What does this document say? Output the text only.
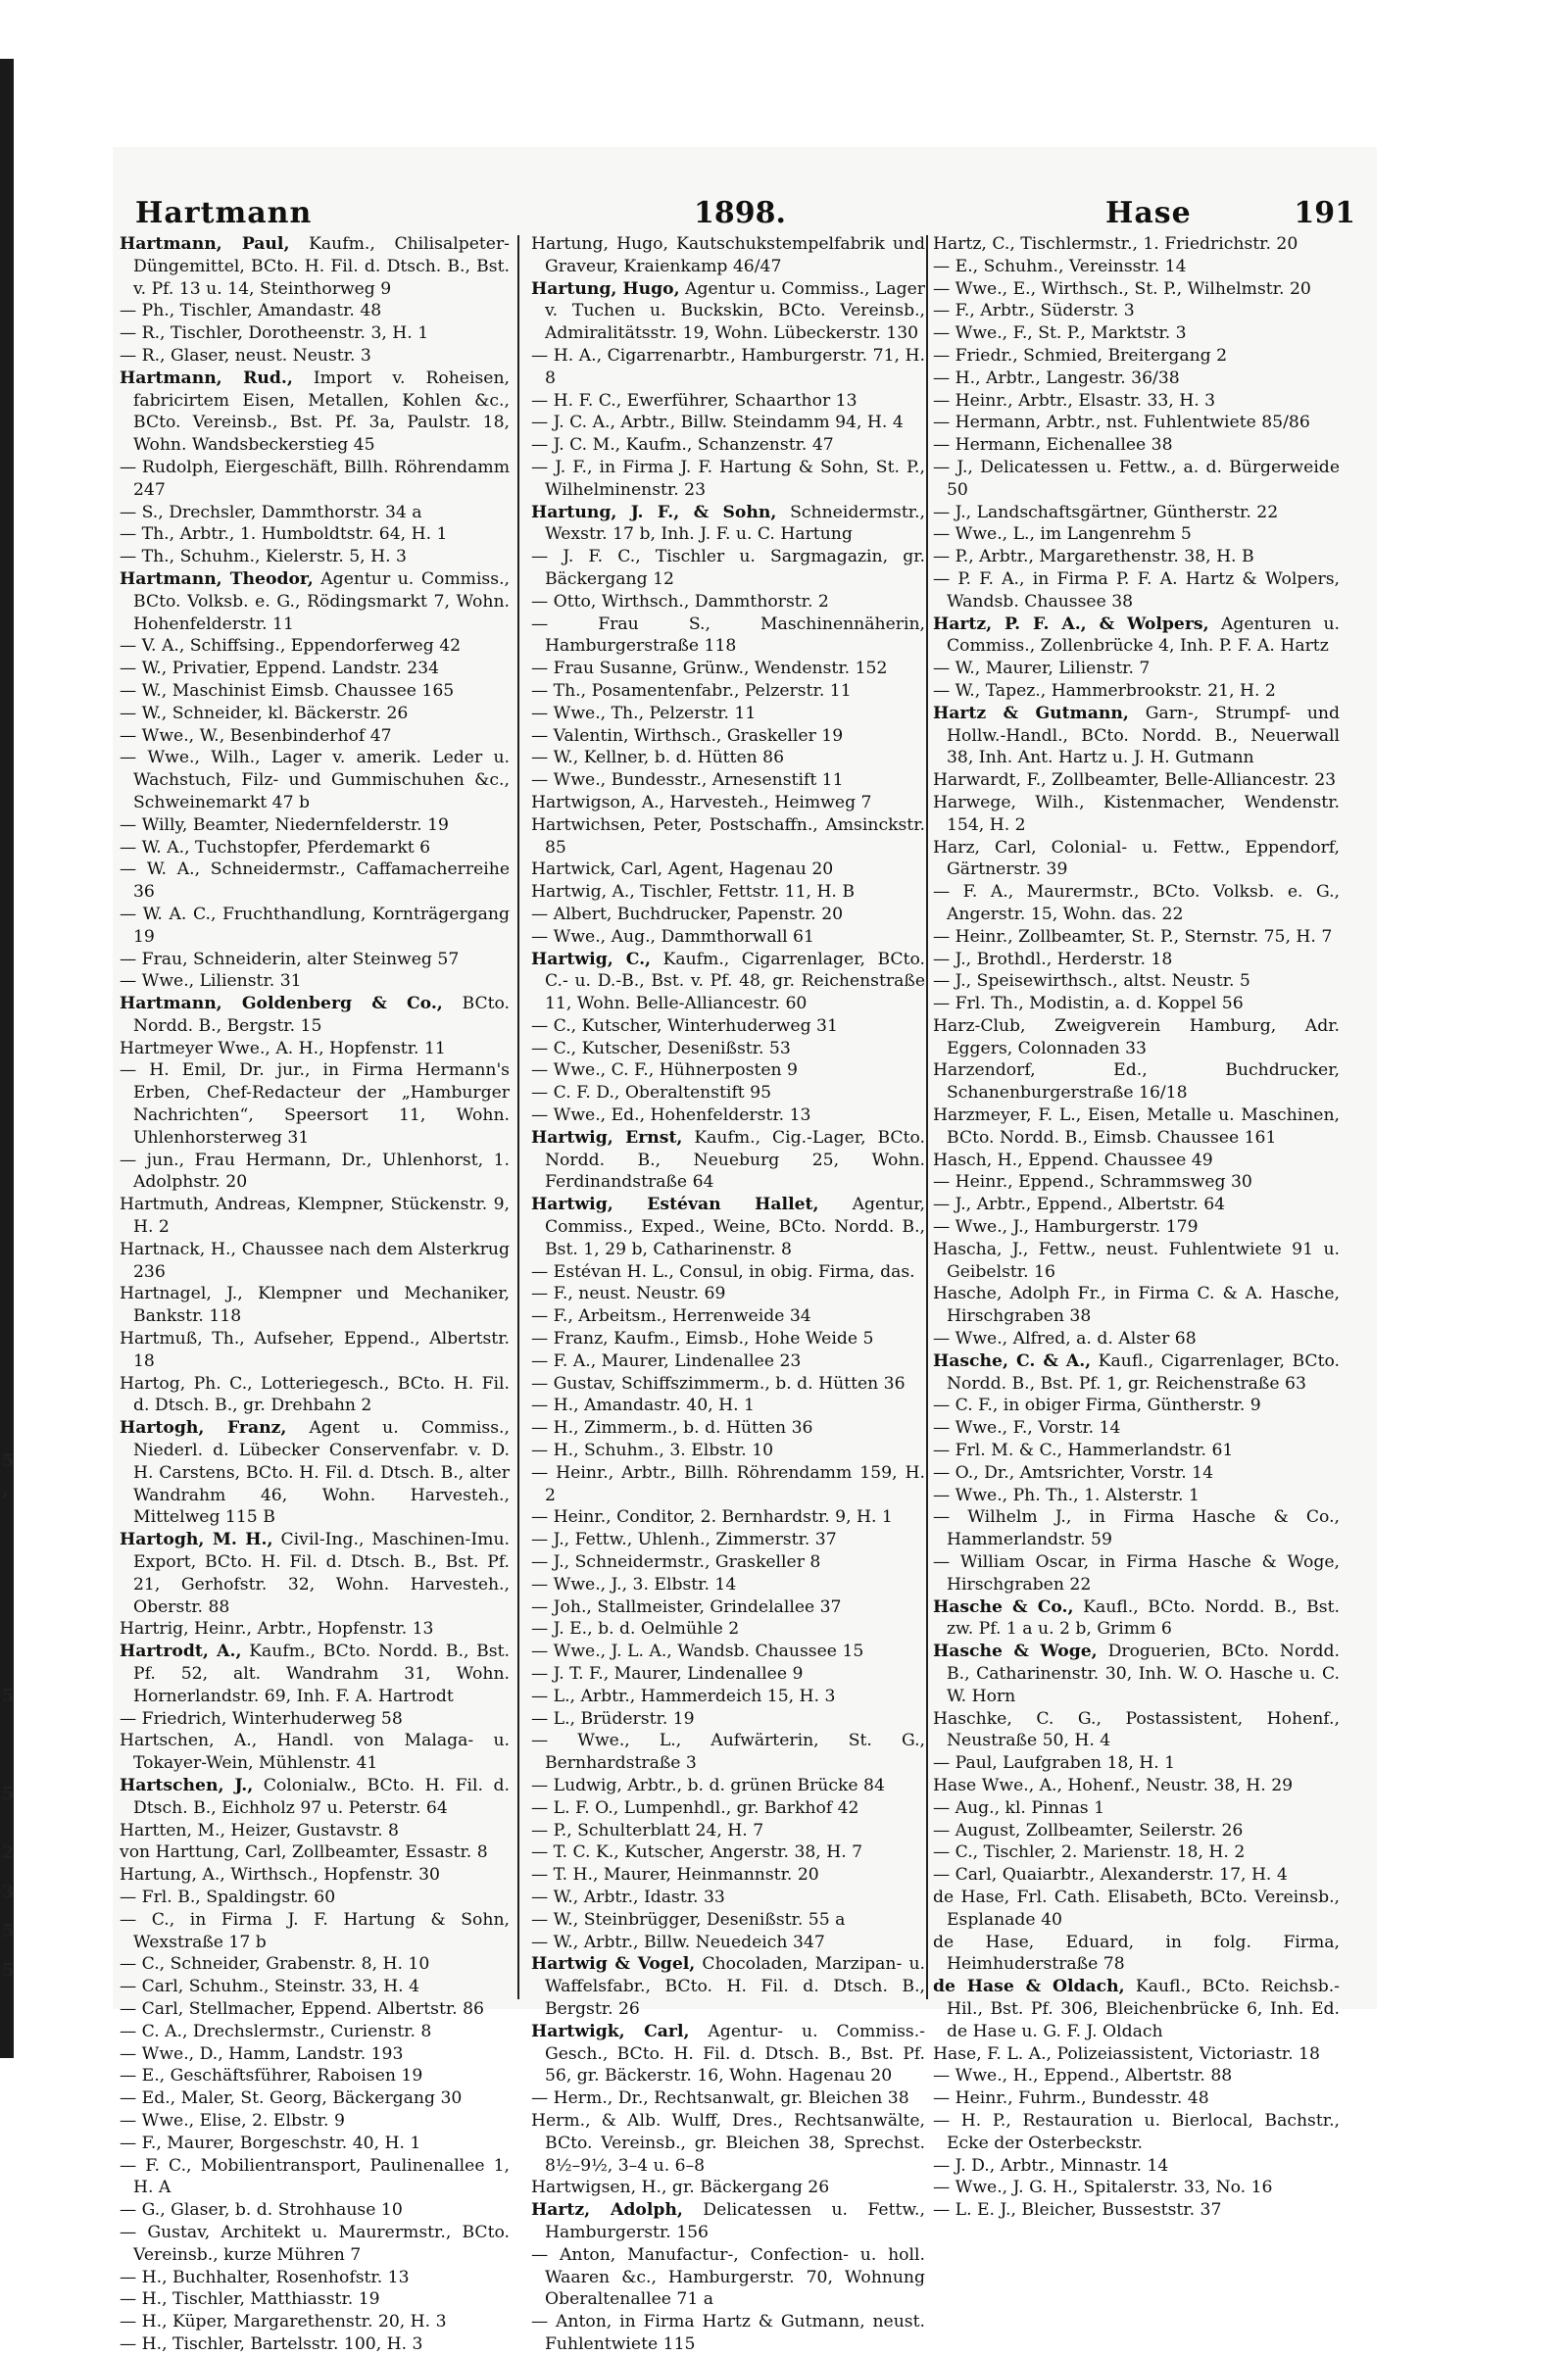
5
,
5
5
2
3
5
5
Hartmann	1898.	Hase	191

Hartmann, Paul, Kaufm., Chilisalpeter-Düngemittel, BCto. H. Fil. d. Dtsch. B., Bst. v. Pf. 13 u. 14, Steinthorweg 9

— Ph., Tischler, Amandastr. 48

— R., Tischler, Dorotheenstr. 3, H. 1

— R., Glaser, neust. Neustr. 3

Hartmann, Rud., Import v. Roheisen, fabricirtem Eisen, Metallen, Kohlen &c., BCto. Vereinsb., Bst. Pf. 3a, Paulstr. 18, Wohn. Wandsbeckerstieg 45

— Rudolph, Eiergeschäft, Billh. Röhrendamm 247

— S., Drechsler, Dammthorstr. 34 a

— Th., Arbtr., 1. Humboldtstr. 64, H. 1

— Th., Schuhm., Kielerstr. 5, H. 3

Hartmann, Theodor, Agentur u. Commiss., BCto. Volksb. e. G., Rödingsmarkt 7, Wohn. Hohenfelderstr. 11

— V. A., Schiffsing., Eppendorferweg 42

— W., Privatier, Eppend. Landstr. 234

— W., Maschinist Eimsb. Chaussee 165

— W., Schneider, kl. Bäckerstr. 26

— Wwe., W., Besenbinderhof 47

— Wwe., Wilh., Lager v. amerik. Leder u. Wachstuch, Filz- und Gummischuhen &c., Schweinemarkt 47 b

— Willy, Beamter, Niedernfelderstr. 19

— W. A., Tuchstopfer, Pferdemarkt 6

— W. A., Schneidermstr., Caffamacherreihe 36

— W. A. C., Fruchthandlung, Kornträgergang 19

— Frau, Schneiderin, alter Steinweg 57

— Wwe., Lilienstr. 31

Hartmann, Goldenberg & Co., BCto. Nordd. B., Bergstr. 15

Hartmeyer Wwe., A. H., Hopfenstr. 11

— H. Emil, Dr. jur., in Firma Hermann's Erben, Chef-Redacteur der „Hamburger Nachrichten“, Speersort 11, Wohn. Uhlenhorsterweg 31

— jun., Frau Hermann, Dr., Uhlenhorst, 1. Adolphstr. 20

Hartmuth, Andreas, Klempner, Stückenstr. 9, H. 2

Hartnack, H., Chaussee nach dem Alsterkrug 236

Hartnagel, J., Klempner und Mechaniker, Bankstr. 118

Hartmuß, Th., Aufseher, Eppend., Albertstr. 18

Hartog, Ph. C., Lotteriegesch., BCto. H. Fil. d. Dtsch. B., gr. Drehbahn 2

Hartogh, Franz, Agent u. Commiss., Niederl. d. Lübecker Conservenfabr. v. D. H. Carstens, BCto. H. Fil. d. Dtsch. B., alter Wandrahm 46, Wohn. Harvestеh., Mittelweg 115 B

Hartogh, M. H., Civil-Ing., Maschinen-Imu. Export, BCto. H. Fil. d. Dtsch. B., Bst. Pf. 21, Gerhofstr. 32, Wohn. Harvesteh., Oberstr. 88

Hartrig, Heinr., Arbtr., Hopfenstr. 13

Hartrodt, A., Kaufm., BCto. Nordd. B., Bst. Pf. 52, alt. Wandrahm 31, Wohn. Hornerlandstr. 69, Inh. F. A. Hartrodt

— Friedrich, Winterhuderweg 58

Hartschen, A., Handl. von Malaga- u. Tokayer-Wein, Mühlenstr. 41

Hartschen, J., Colonialw., BCto. H. Fil. d. Dtsch. B., Eichholz 97 u. Peterstr. 64

Hartten, M., Heizer, Gustavstr. 8

von Harttung, Carl, Zollbeamter, Essastr. 8

Hartung, A., Wirthsch., Hopfenstr. 30

— Frl. B., Spaldingstr. 60

— C., in Firma J. F. Hartung & Sohn, Wexstraße 17 b

— C., Schneider, Grabenstr. 8, H. 10

— Carl, Schuhm., Steinstr. 33, H. 4

— Carl, Stellmacher, Eppend. Albertstr. 86

— C. A., Drechslermstr., Curienstr. 8

— Wwe., D., Hamm, Landstr. 193

— E., Geschäftsführer, Raboisen 19

— Ed., Maler, St. Georg, Bäckergang 30

— Wwe., Elise, 2. Elbstr. 9

— F., Maurer, Borgeschstr. 40, H. 1

— F. C., Mobilientransport, Paulinenallee 1, H. A

— G., Glaser, b. d. Strohhause 10

— Gustav, Architekt u. Maurermstr., BCto. Vereinsb., kurze Mühren 7

— H., Buchhalter, Rosenhofstr. 13

— H., Tischler, Matthiasstr. 19

— H., Küper, Margarethenstr. 20, H. 3

— H., Tischler, Bartelsstr. 100, H. 3

Hartung, Hugo, Kautschukstempelfabrik und Graveur, Kraienkamp 46/47

Hartung, Hugo, Agentur u. Commiss., Lager v. Tuchen u. Buckskin, BCto. Vereinsb., Admiralitätsstr. 19, Wohn. Lübeckerstr. 130

— H. A., Cigarrenarbtr., Hamburgerstr. 71, H. 8

— H. F. C., Ewerführer, Schaarthor 13

— J. C. A., Arbtr., Billw. Steindamm 94, H. 4

— J. C. M., Kaufm., Schanzenstr. 47

— J. F., in Firma J. F. Hartung & Sohn, St. P., Wilhelminenstr. 23

Hartung, J. F., & Sohn, Schneidermstr., Wexstr. 17 b, Inh. J. F. u. C. Hartung

— J. F. C., Tischler u. Sargmagazin, gr. Bäckergang 12

— Otto, Wirthsch., Dammthorstr. 2

— Frau S., Maschinennäherin, Hamburgerstraße 118

— Frau Susanne, Grünw., Wendenstr. 152

— Th., Posamentenfabr., Pelzerstr. 11

— Wwe., Th., Pelzerstr. 11

— Valentin, Wirthsch., Graskeller 19

— W., Kellner, b. d. Hütten 86

— Wwe., Bundesstr., Arnesenstift 11

Hartwigson, A., Harvestеh., Heimweg 7

Hartwichsen, Peter, Postschaffn., Amsinckstr. 85

Hartwick, Carl, Agent, Hagenau 20

Hartwig, A., Tischler, Fettstr. 11, H. B

— Albert, Buchdrucker, Papenstr. 20

— Wwe., Aug., Dammthorwall 61

Hartwig, C., Kaufm., Cigarrenlager, BCto. C.- u. D.-B., Bst. v. Pf. 48, gr. Reichenstraße 11, Wohn. Belle-Alliancestr. 60

— C., Kutscher, Winterhuderweg 31

— C., Kutscher, Desenißstr. 53

— Wwe., C. F., Hühnerposten 9

— C. F. D., Oberaltenstift 95

— Wwe., Ed., Hohenfelderstr. 13

Hartwig, Ernst, Kaufm., Cig.-Lager, BCto. Nordd. B., Neueburg 25, Wohn. Ferdinandstraße 64

Hartwig, Estévan Hallet, Agentur, Commiss., Exped., Weine, BCto. Nordd. B., Bst. 1, 29 b, Catharinenstr. 8

— Estévan H. L., Consul, in obig. Firma, das.

— F., neust. Neustr. 69

— F., Arbeitsm., Herrenweide 34

— Franz, Kaufm., Eimsb., Hohe Weide 5

— F. A., Maurer, Lindenallee 23

— Gustav, Schiffszimmerm., b. d. Hütten 36

— H., Amandastr. 40, H. 1

— H., Zimmerm., b. d. Hütten 36

— H., Schuhm., 3. Elbstr. 10

— Heinr., Arbtr., Billh. Röhrendamm 159, H. 2

— Heinr., Conditor, 2. Bernhardstr. 9, H. 1

— J., Fettw., Uhlenh., Zimmerstr. 37

— J., Schneidermstr., Graskeller 8

— Wwe., J., 3. Elbstr. 14

— Joh., Stallmeister, Grindelallee 37

— J. E., b. d. Oelmühle 2

— Wwe., J. L. A., Wandsb. Chaussee 15

— J. T. F., Maurer, Lindenallee 9

— L., Arbtr., Hammerdeich 15, H. 3

— L., Brüderstr. 19

— Wwe., L., Aufwärterin, St. G., Bernhardstraße 3

— Ludwig, Arbtr., b. d. grünen Brücke 84

— L. F. O., Lumpenhdl., gr. Barkhof 42

— P., Schulterblatt 24, H. 7

— T. C. K., Kutscher, Angerstr. 38, H. 7

— T. H., Maurer, Heinmannstr. 20

— W., Arbtr., Idastr. 33

— W., Steinbrügger, Desenißstr. 55 a

— W., Arbtr., Billw. Neuedeich 347

Hartwig & Vogel, Chocoladen, Marzipan- u. Waffelsfabr., BCto. H. Fil. d. Dtsch. B., Bergstr. 26

Hartwigk, Carl, Agentur- u. Commiss.-Gesch., BCto. H. Fil. d. Dtsch. B., Bst. Pf. 56, gr. Bäckerstr. 16, Wohn. Hagenau 20

— Herm., Dr., Rechtsanwalt, gr. Bleichen 38

Herm., & Alb. Wulff, Dres., Rechtsanwälte, BCto. Vereinsb., gr. Bleichen 38, Sprechst. 8½–9½, 3–4 u. 6–8

Hartwigsen, H., gr. Bäckergang 26

Hartz, Adolph, Delicatessen u. Fettw., Hamburgerstr. 156

— Anton, Manufactur-, Confection- u. holl. Waaren &c., Hamburgerstr. 70, Wohnung Oberaltenallee 71 a

— Anton, in Firma Hartz & Gutmann, neust. Fuhlentwiete 115

Hartz, C., Tischlermstr., 1. Friedrichstr. 20

— E., Schuhm., Vereinsstr. 14

— Wwe., E., Wirthsch., St. P., Wilhelmstr. 20

— F., Arbtr., Süderstr. 3

— Wwe., F., St. P., Marktstr. 3

— Friedr., Schmied, Breitergang 2

— H., Arbtr., Langestr. 36/38

— Heinr., Arbtr., Elsastr. 33, H. 3

— Hermann, Arbtr., nst. Fuhlentwiete 85/86

— Hermann, Eichenallee 38

— J., Delicatessen u. Fettw., a. d. Bürgerweide 50

— J., Landschaftsgärtner, Güntherstr. 22

— Wwe., L., im Langenrehm 5

— P., Arbtr., Margarethenstr. 38, H. B

— P. F. A., in Firma P. F. A. Hartz & Wolpers, Wandsb. Chaussee 38

Hartz, P. F. A., & Wolpers, Agenturen u. Commiss., Zollenbrücke 4, Inh. P. F. A. Hartz

— W., Maurer, Lilienstr. 7

— W., Tapez., Hammerbrookstr. 21, H. 2

Hartz & Gutmann, Garn-, Strumpf- und Hollw.-Handl., BCto. Nordd. B., Neuerwall 38, Inh. Ant. Hartz u. J. H. Gutmann

Harwardt, F., Zollbeamter, Belle-Alliancestr. 23

Harwege, Wilh., Kistenmacher, Wendenstr. 154, H. 2

Harz, Carl, Colonial- u. Fettw., Eppendorf, Gärtnerstr. 39

— F. A., Maurermstr., BCto. Volksb. e. G., Angerstr. 15, Wohn. das. 22

— Heinr., Zollbeamter, St. P., Sternstr. 75, H. 7

— J., Brothdl., Herderstr. 18

— J., Speisewirthsch., altst. Neustr. 5

— Frl. Th., Modistin, a. d. Koppel 56

Harz-Club, Zweigverein Hamburg, Adr. Eggers, Colonnaden 33

Harzendorf, Ed., Buchdrucker, Schanenburgerstraße 16/18

Harzmeyer, F. L., Eisen, Metalle u. Maschinen, BCto. Nordd. B., Eimsb. Chaussee 161

Hasch, H., Eppend. Chaussee 49

— Heinr., Eppend., Schrammsweg 30

— J., Arbtr., Eppend., Albertstr. 64

— Wwe., J., Hamburgerstr. 179

Hascha, J., Fettw., neust. Fuhlentwiete 91 u. Geibelstr. 16

Hasche, Adolph Fr., in Firma C. & A. Hasche, Hirschgraben 38

— Wwe., Alfred, a. d. Alster 68

Hasche, C. & A., Kaufl., Cigarrenlager, BCto. Nordd. B., Bst. Pf. 1, gr. Reichenstraße 63

— C. F., in obiger Firma, Güntherstr. 9

— Wwe., F., Vorstr. 14

— Frl. M. & C., Hammerlandstr. 61

— O., Dr., Amtsrichter, Vorstr. 14

— Wwe., Ph. Th., 1. Alsterstr. 1

— Wilhelm J., in Firma Hasche & Co., Hammerlandstr. 59

— William Oscar, in Firma Hasche & Woge, Hirschgraben 22

Hasche & Co., Kaufl., BCto. Nordd. B., Bst. zw. Pf. 1 a u. 2 b, Grimm 6

Hasche & Woge, Droguerien, BCto. Nordd. B., Catharinenstr. 30, Inh. W. O. Hasche u. C. W. Horn

Haschke, C. G., Postassistent, Hohenf., Neustraße 50, H. 4

— Paul, Laufgraben 18, H. 1

Hase Wwe., A., Hohenf., Neustr. 38, H. 29

— Aug., kl. Pinnas 1

— August, Zollbeamter, Seilerstr. 26

— C., Tischler, 2. Marienstr. 18, H. 2

— Carl, Quaiarbtr., Alexanderstr. 17, H. 4

de Hase, Frl. Cath. Elisabeth, BCto. Vereinsb., Esplanade 40

de Hase, Eduard, in folg. Firma, Heimhuderstraße 78

de Hase & Oldach, Kaufl., BCto. Reichsb.-Hil., Bst. Pf. 306, Bleichenbrücke 6, Inh. Ed. de Hase u. G. F. J. Oldach

Hase, F. L. A., Polizeiassistent, Victoriastr. 18

— Wwe., H., Eppend., Albertstr. 88

— Heinr., Fuhrm., Bundesstr. 48

— H. P., Restauration u. Bierlocal, Bachstr., Ecke der Osterbeckstr.

— J. D., Arbtr., Minnastr. 14

— Wwe., J. G. H., Spitalerstr. 33, No. 16

— L. E. J., Bleicher, Busseststr. 37
